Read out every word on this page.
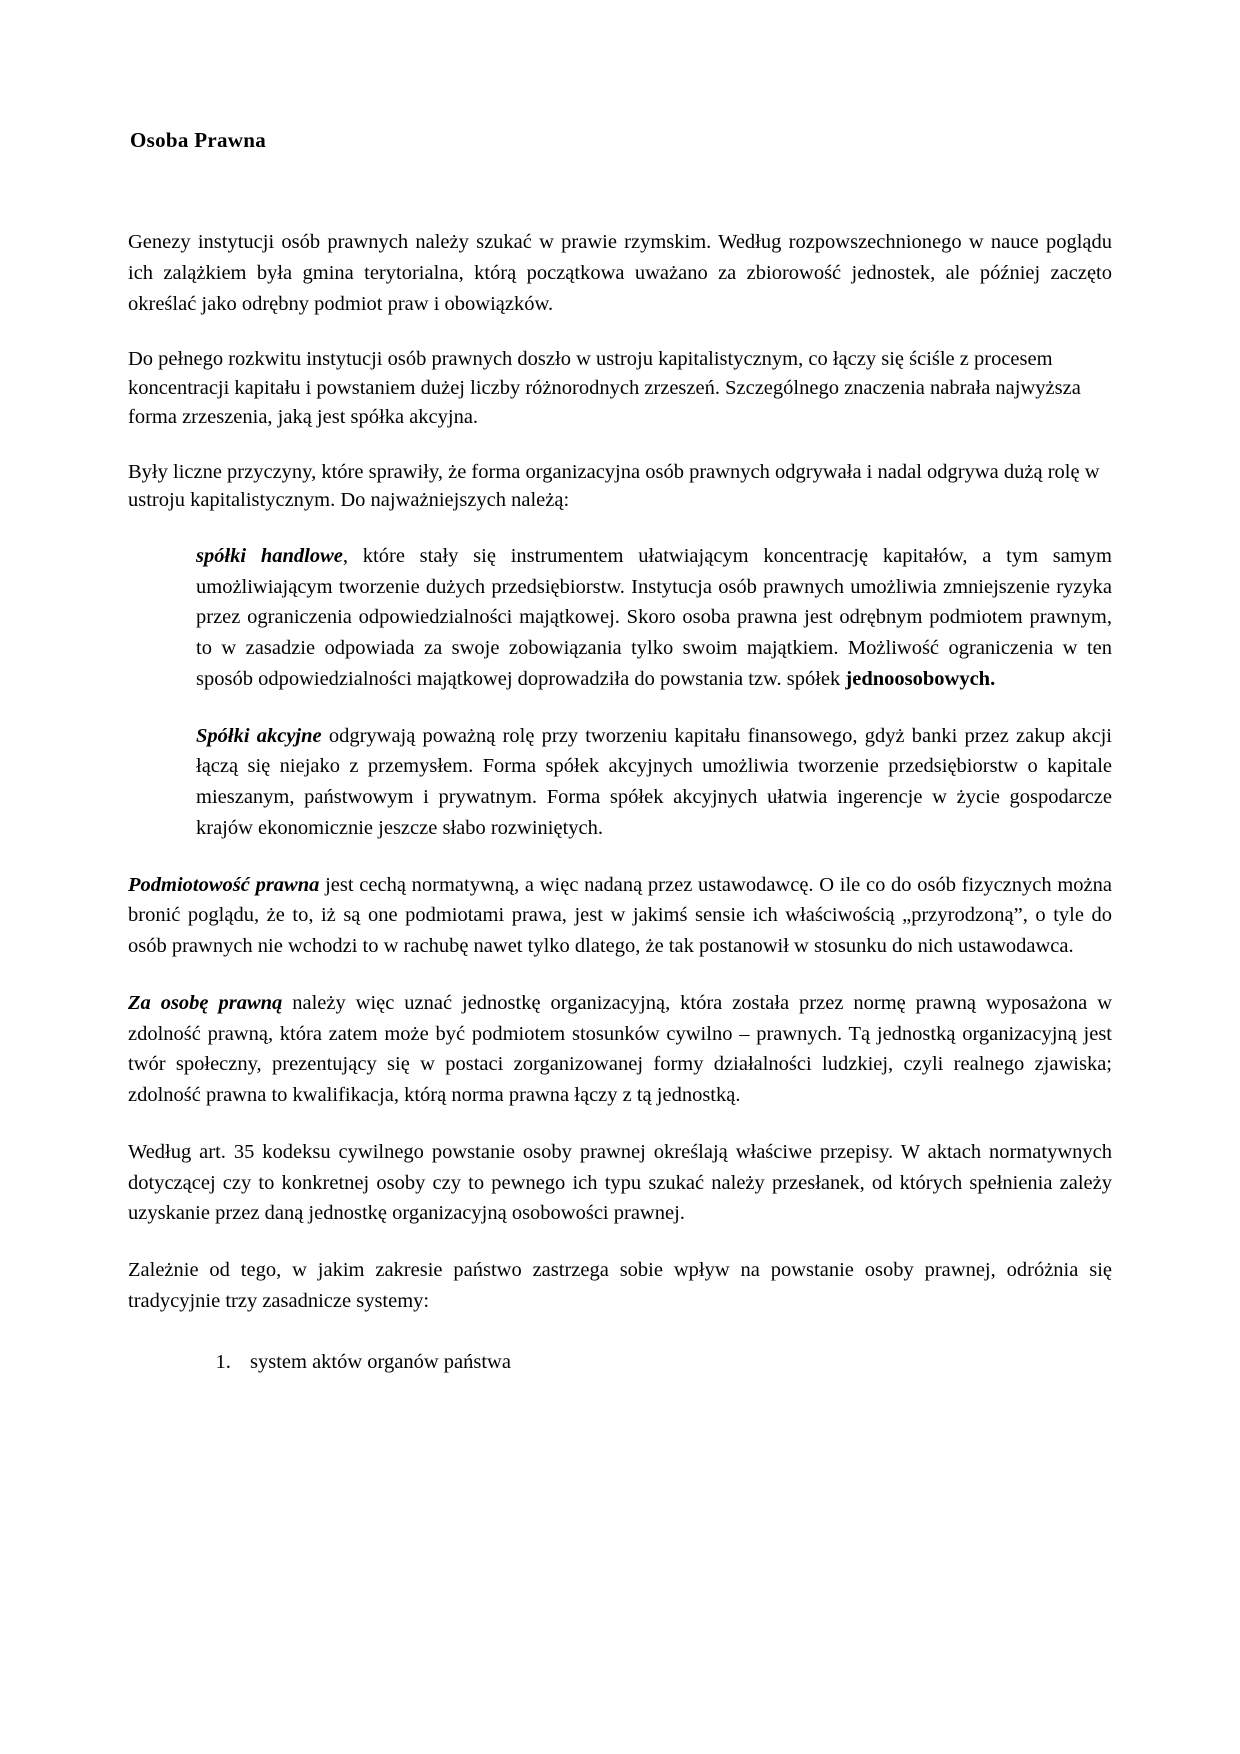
Osoba Prawna

Genezy instytucji osób prawnych należy szukać w prawie rzymskim. Według rozpowszechnionego w nauce poglądu ich zalążkiem była gmina terytorialna, którą początkowa uważano za zbiorowość jednostek, ale później zaczęto określać jako odrębny podmiot praw i obowiązków.

Do pełnego rozkwitu instytucji osób prawnych doszło w ustroju kapitalistycznym, co łączy się ściśle z procesem koncentracji kapitału i powstaniem dużej liczby różnorodnych zrzeszeń. Szczególnego znaczenia nabrała najwyższa forma zrzeszenia, jaką jest spółka akcyjna.

Były liczne przyczyny, które sprawiły, że forma organizacyjna osób prawnych odgrywała i nadal odgrywa dużą rolę w ustroju kapitalistycznym. Do najważniejszych należą:

spółki handlowe, które stały się instrumentem ułatwiającym koncentrację kapitałów, a tym samym umożliwiającym tworzenie dużych przedsiębiorstw. Instytucja osób prawnych umożliwia zmniejszenie ryzyka przez ograniczenia odpowiedzialności majątkowej. Skoro osoba prawna jest odrębnym podmiotem prawnym, to w zasadzie odpowiada za swoje zobowiązania tylko swoim majątkiem. Możliwość ograniczenia w ten sposób odpowiedzialności majątkowej doprowadziła do powstania tzw. spółek jednoosobowych.

Spółki akcyjne odgrywają poważną rolę przy tworzeniu kapitału finansowego, gdyż banki przez zakup akcji łączą się niejako z przemysłem. Forma spółek akcyjnych umożliwia tworzenie przedsiębiorstw o kapitale mieszanym, państwowym i prywatnym. Forma spółek akcyjnych ułatwia ingerencje w życie gospodarcze krajów ekonomicznie jeszcze słabo rozwiniętych.

Podmiotowość prawna jest cechą normatywną, a więc nadaną przez ustawodawcę. O ile co do osób fizycznych można bronić poglądu, że to, iż są one podmiotami prawa, jest w jakimś sensie ich właściwością „przyrodzoną”, o tyle do osób prawnych nie wchodzi to w rachubę nawet tylko dlatego, że tak postanowił w stosunku do nich ustawodawca.

Za osobę prawną należy więc uznać jednostkę organizacyjną, która została przez normę prawną wyposażona w zdolność prawną, która zatem może być podmiotem stosunków cywilno – prawnych. Tą jednostką organizacyjną jest twór społeczny, prezentujący się w postaci zorganizowanej formy działalności ludzkiej, czyli realnego zjawiska; zdolność prawna to kwalifikacja, którą norma prawna łączy z tą jednostką.

Według art. 35 kodeksu cywilnego powstanie osoby prawnej określają właściwe przepisy. W aktach normatywnych dotyczącej czy to konkretnej osoby czy to pewnego ich typu szukać należy przesłanek, od których spełnienia zależy uzyskanie przez daną jednostkę organizacyjną osobowości prawnej.

Zależnie od tego, w jakim zakresie państwo zastrzega sobie wpływ na powstanie osoby prawnej, odróżnia się tradycyjnie trzy zasadnicze systemy:

1. system aktów organów państwa
